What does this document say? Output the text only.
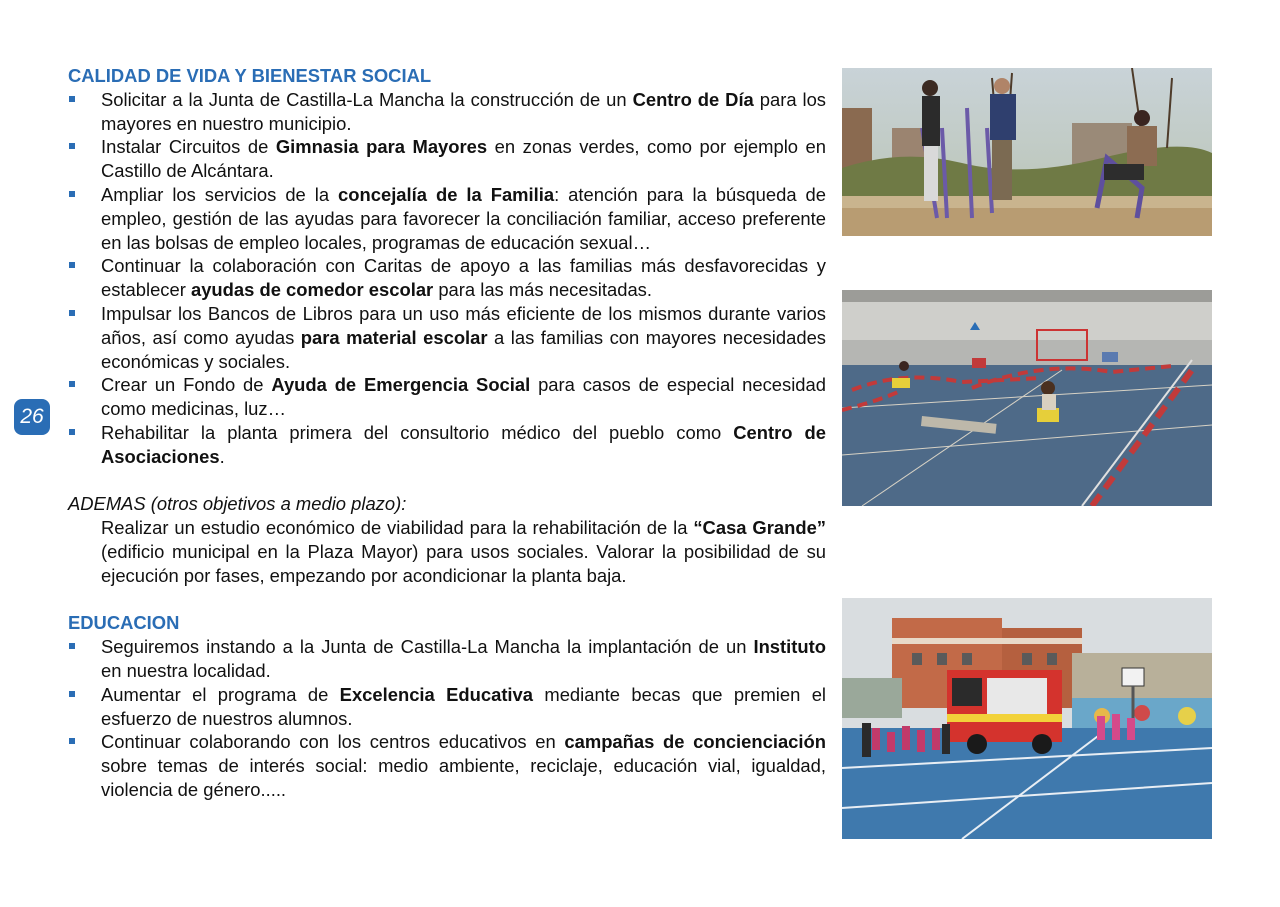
CALIDAD DE VIDA Y BIENESTAR SOCIAL
Solicitar a la Junta de Castilla-La Mancha la construcción de un Centro de Día para los mayores en nuestro municipio.
Instalar Circuitos de Gimnasia para Mayores en zonas verdes, como por ejemplo en Castillo de Alcántara.
Ampliar los servicios de la concejalía de la Familia: atención para la búsqueda de empleo, gestión de las ayudas para favorecer la conciliación familiar, acceso preferente en las bolsas de empleo locales, programas de educación sexual…
Continuar la colaboración con Caritas de apoyo a las familias más desfavorecidas y establecer ayudas de comedor escolar para las más necesitadas.
Impulsar los Bancos de Libros para un uso más eficiente de los mismos durante varios años, así como ayudas para material escolar a las familias con mayores necesidades económicas y sociales.
Crear un Fondo de Ayuda de Emergencia Social para casos de especial necesidad como medicinas, luz…
Rehabilitar la planta primera del consultorio médico del pueblo como Centro de Asociaciones.
ADEMAS (otros objetivos a medio plazo):
Realizar un estudio económico de viabilidad para la rehabilitación de la “Casa Grande” (edificio municipal en la Plaza Mayor) para usos sociales. Valorar la posibilidad de su ejecución por fases, empezando por acondicionar la planta baja.
EDUCACION
Seguiremos instando a la Junta de Castilla-La Mancha la implantación de un Instituto en nuestra localidad.
Aumentar el programa de Excelencia Educativa mediante becas que premien el esfuerzo de nuestros alumnos.
Continuar colaborando con los centros educativos en campañas de concienciación sobre temas de interés social: medio ambiente, reciclaje, educación vial, igualdad, violencia de género.....
26
